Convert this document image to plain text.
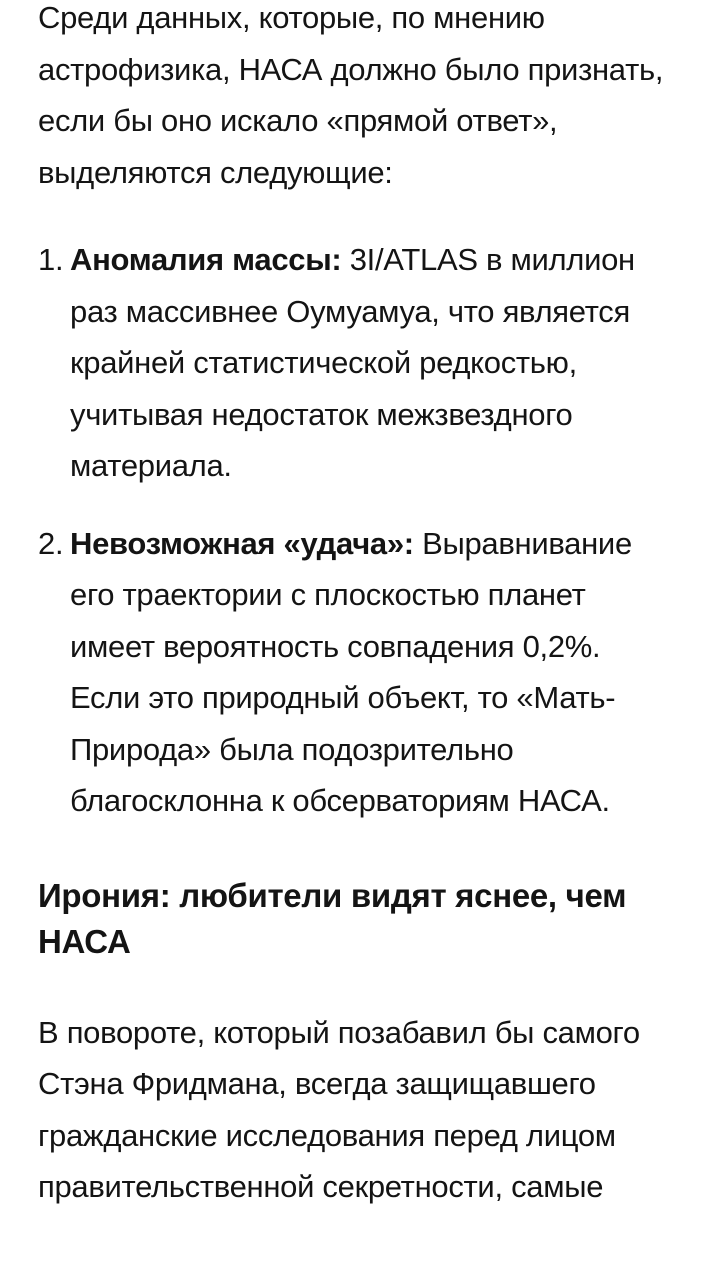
Среди данных, которые, по мнению астрофизика, НАСА должно было признать, если бы оно искало «прямой ответ», выделяются следующие:

1. Аномалия массы: 3I/ATLAS в миллион раз массивнее Оумуамуа, что является крайней статистической редкостью, учитывая недостаток межзвездного материала.
2. Невозможная «удача»: Выравнивание его траектории с плоскостью планет имеет вероятность совпадения 0,2%. Если это природный объект, то «Мать-Природа» была подозрительно благосклонна к обсерваториям НАСА.
Ирония: любители видят яснее, чем НАСА

В повороте, который позабавил бы самого Стэна Фридмана, всегда защищавшего гражданские исследования перед лицом правительственной секретности, самые
